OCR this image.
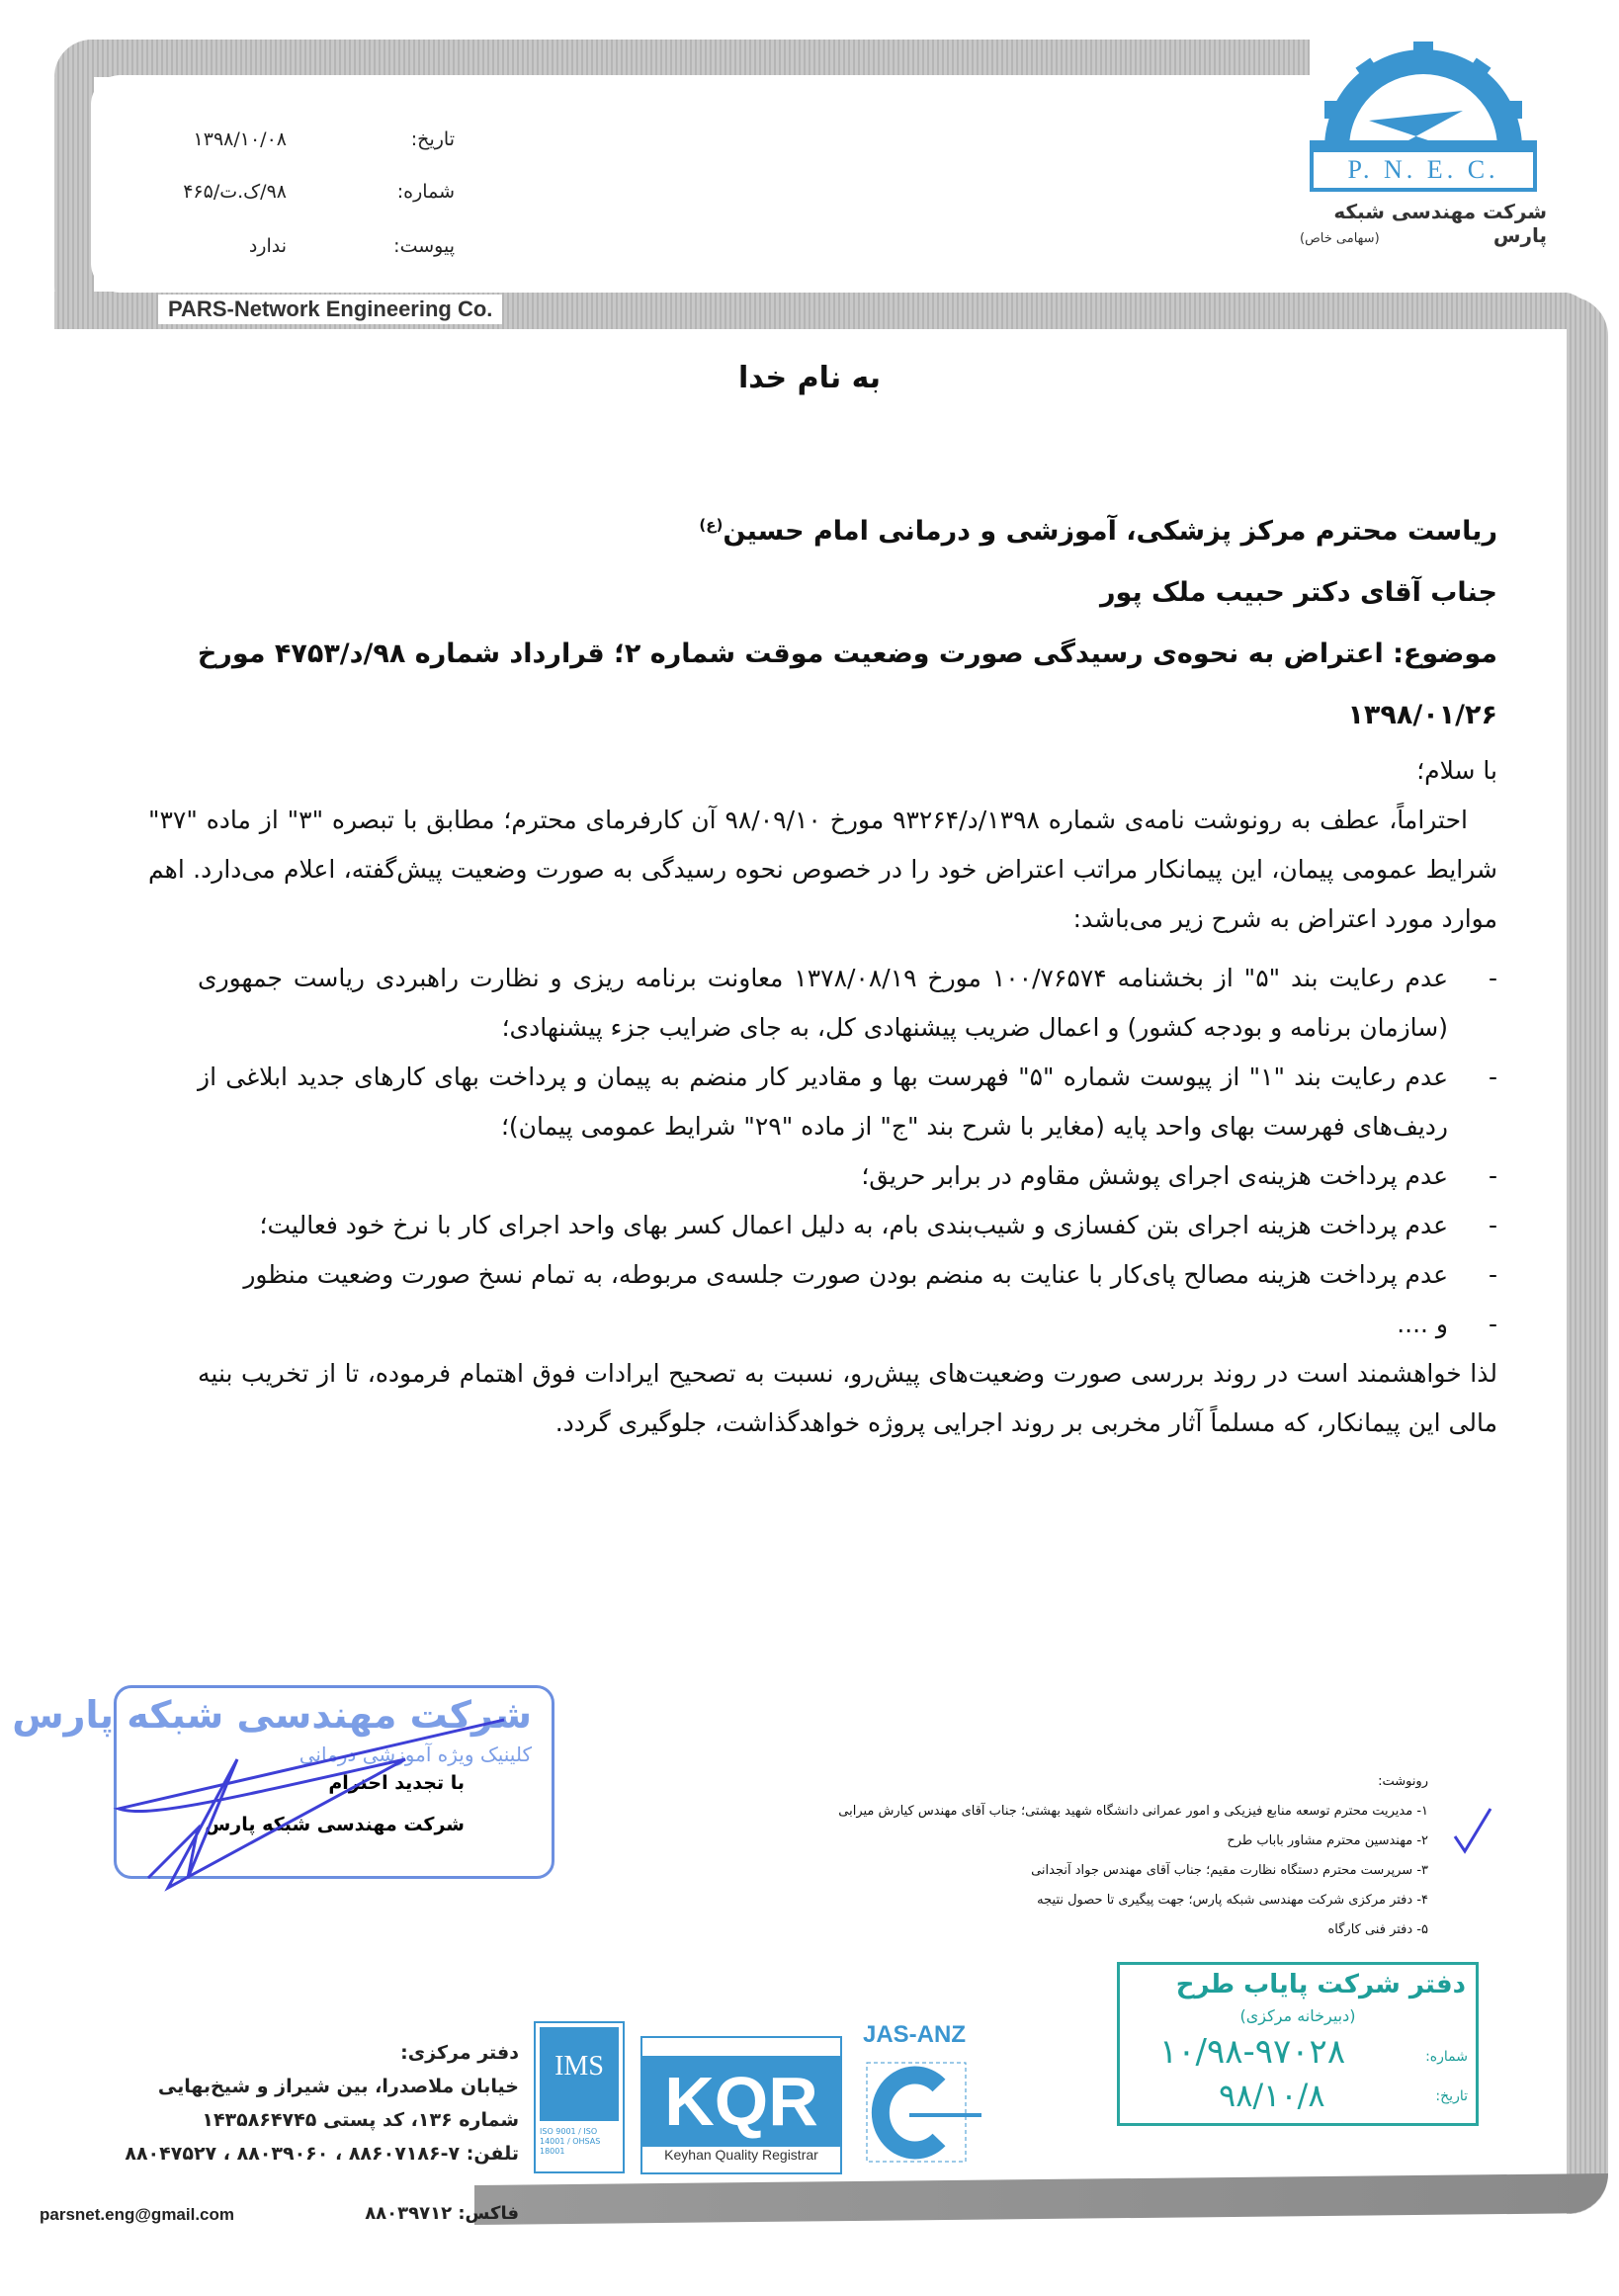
PARS-Network Engineering Co.
تاریخ:
۱۳۹۸/۱۰/۰۸
شماره:
۹۸/ک.ت/۴۶۵
پیوست:
ندارد
P. N. E. C.
شرکت مهندسی شبکه پارس
(سهامی خاص)
به نام خدا
ریاست محترم مرکز پزشکی، آموزشی و درمانی امام حسین$^{(ع)}$
جناب آقای دکتر حبیب ملک پور
موضوع: اعتراض به نحوه‌ی رسیدگی صورت وضعیت موقت شماره ۲؛ قرارداد شماره ۹۸/د/۴۷۵۳ مورخ
۱۳۹۸/۰۱/۲۶
با سلام؛
احتراماً، عطف به رونوشت نامه‌ی شماره ۱۳۹۸/د/۹۳۲۶۴ مورخ ۹۸/۰۹/۱۰ آن کارفرمای محترم؛ مطابق با تبصره "۳" از ماده "۳۷" شرایط عمومی پیمان، این پیمانکار مراتب اعتراض خود را در خصوص نحوه رسیدگی به صورت وضعیت پیش‌گفته، اعلام می‌دارد. اهم موارد مورد اعتراض به شرح زیر می‌باشد:
- عدم رعایت بند "۵" از بخشنامه ۱۰۰/۷۶۵۷۴ مورخ ۱۳۷۸/۰۸/۱۹ معاونت برنامه ریزی و نظارت راهبردی ریاست جمهوری (سازمان برنامه و بودجه کشور) و اعمال ضریب پیشنهادی کل، به جای ضرایب جزء پیشنهادی؛
- عدم رعایت بند "۱" از پیوست شماره "۵" فهرست بها و مقادیر کار منضم به پیمان و پرداخت بهای کارهای جدید ابلاغی از ردیف‌های فهرست بهای واحد پایه (مغایر با شرح بند "ج" از ماده "۲۹" شرایط عمومی پیمان)؛
- عدم پرداخت هزینه‌ی اجرای پوشش مقاوم در برابر حریق؛
- عدم پرداخت هزینه اجرای بتن کفسازی و شیب‌بندی بام، به دلیل اعمال کسر بهای واحد اجرای کار با نرخ خود فعالیت؛
- عدم پرداخت هزینه مصالح پای‌کار با عنایت به منضم بودن صورت جلسه‌ی مربوطه، به تمام نسخ صورت وضعیت منظور
- و ....
لذا خواهشمند است در روند بررسی صورت وضعیت‌های پیش‌رو، نسبت به تصحیح ایرادات فوق اهتمام فرموده، تا از تخریب بنیه مالی این پیمانکار، که مسلماً آثار مخربی بر روند اجرایی پروژه خواهدگذاشت، جلوگیری گردد.
شرکت مهندسی شبکه پارس
کلینیک ویژه آموزشی درمانی
با تجدید احترام
شرکت مهندسی شبکه پارس
رونوشت:
۱- مدیریت محترم توسعه منابع فیزیکی و امور عمرانی دانشگاه شهید بهشتی؛ جناب آقای مهندس کیارش میرابی
۲- مهندسین محترم مشاور باباب طرح
۳- سرپرست محترم دستگاه نظارت مقیم؛ جناب آقای مهندس جواد آنجدانی
۴- دفتر مرکزی شرکت مهندسی شبکه پارس؛ جهت پیگیری تا حصول نتیجه
۵- دفتر فنی کارگاه
دفتر شرکت پایاب طرح
(دبیرخانه مرکزی)
شماره:
۱۰/۹۸-۹۷۰۲۸
تاریخ:
۹۸/۱۰/۸
IMS
ISO 9001 / ISO 14001 / OHSAS 18001
KQR
Keyhan Quality Registrar
JAS-ANZ
دفتر مرکزی:
خیابان ملاصدرا، بین شیراز و شیخ‌بهایی
شماره ۱۳۶، کد پستی ۱۴۳۵۸۶۴۷۴۵
تلفن: ۷-۸۸۶۰۷۱۸۶ ، ۸۸۰۳۹۰۶۰ ، ۸۸۰۴۷۵۲۷
فاکس: ۸۸۰۳۹۷۱۲
parsnet.eng@gmail.com
